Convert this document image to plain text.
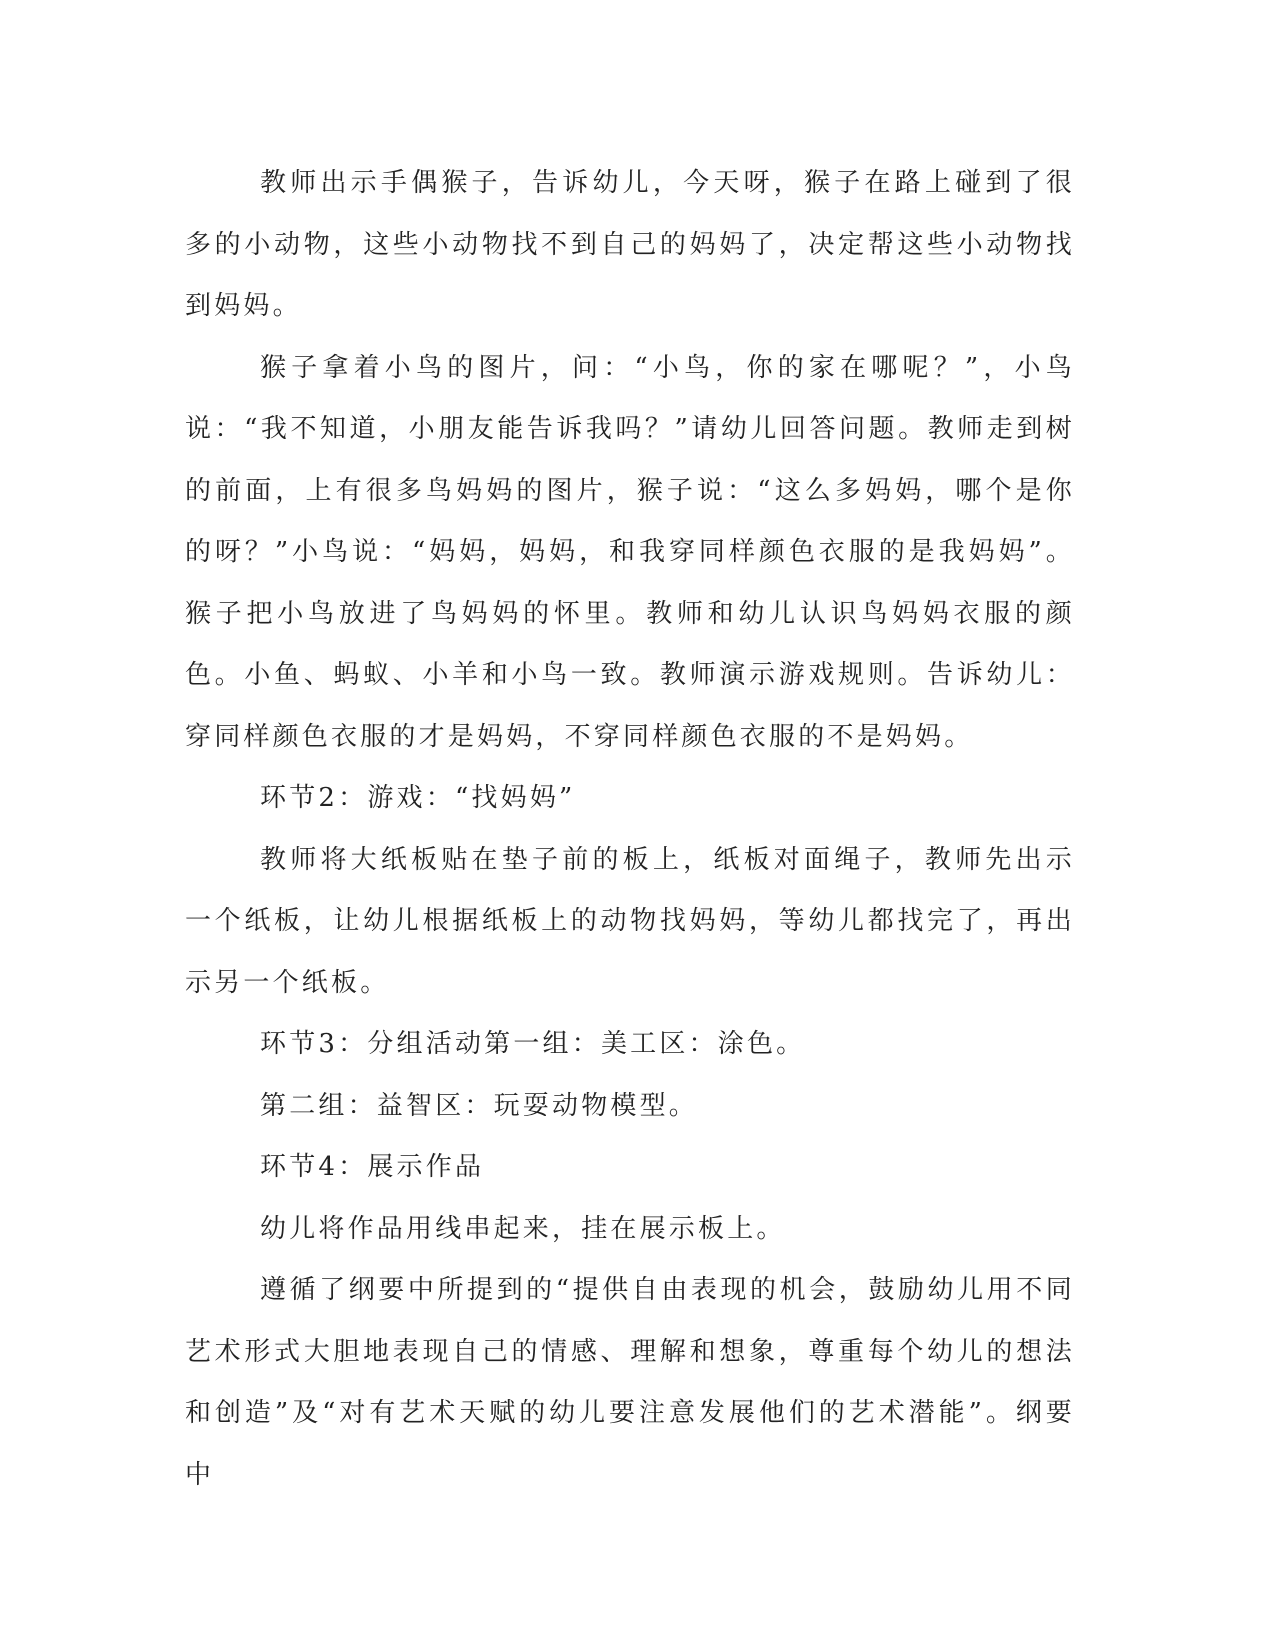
教师出示手偶猴子，告诉幼儿，今天呀，猴子在路上碰到了很多的小动物，这些小动物找不到自己的妈妈了，决定帮这些小动物找到妈妈。

猴子拿着小鸟的图片，问：“小鸟，你的家在哪呢？”，小鸟说：“我不知道，小朋友能告诉我吗？”请幼儿回答问题。教师走到树的前面，上有很多鸟妈妈的图片，猴子说：“这么多妈妈，哪个是你的呀？”小鸟说：“妈妈，妈妈，和我穿同样颜色衣服的是我妈妈”。猴子把小鸟放进了鸟妈妈的怀里。教师和幼儿认识鸟妈妈衣服的颜色。小鱼、蚂蚁、小羊和小鸟一致。教师演示游戏规则。告诉幼儿：穿同样颜色衣服的才是妈妈，不穿同样颜色衣服的不是妈妈。

环节2：游戏：“找妈妈”

教师将大纸板贴在垫子前的板上，纸板对面绳子，教师先出示一个纸板，让幼儿根据纸板上的动物找妈妈，等幼儿都找完了，再出示另一个纸板。

环节3：分组活动第一组：美工区：涂色。

第二组：益智区：玩耍动物模型。

环节4：展示作品

幼儿将作品用线串起来，挂在展示板上。

遵循了纲要中所提到的“提供自由表现的机会，鼓励幼儿用不同艺术形式大胆地表现自己的情感、理解和想象，尊重每个幼儿的想法和创造”及“对有艺术天赋的幼儿要注意发展他们的艺术潜能”。纲要中
